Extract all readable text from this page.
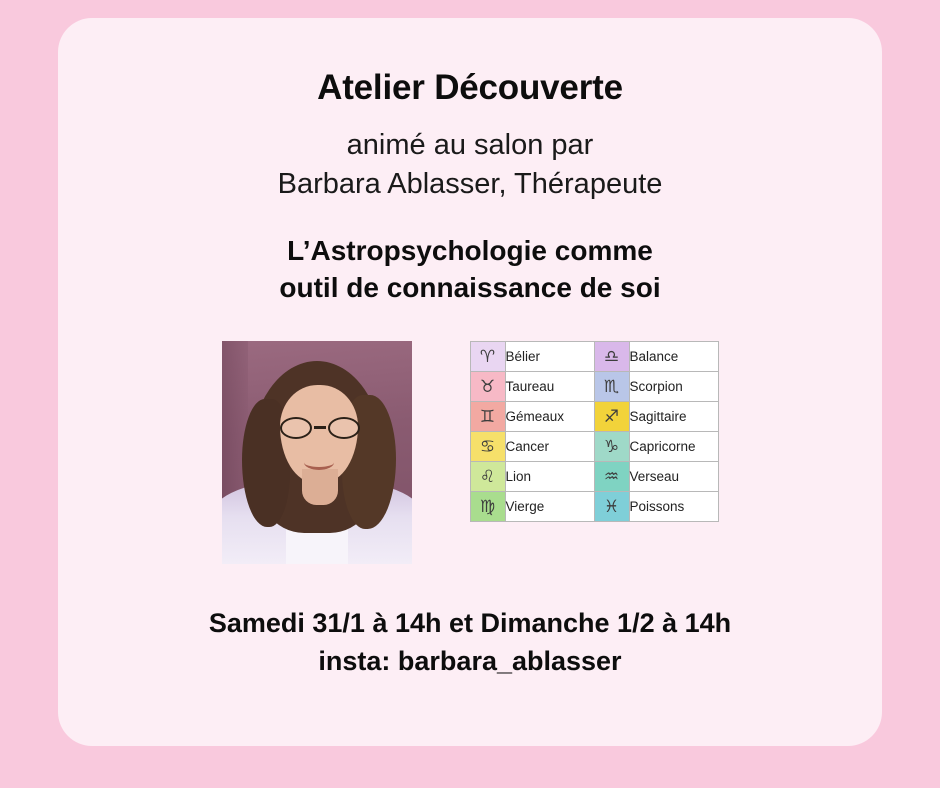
Atelier Découverte
animé au salon par
Barbara Ablasser, Thérapeute
L’Astropsychologie comme
outil de connaissance de soi
♈	Bélier	♎	Balance
♉	Taureau	♏	Scorpion
♊	Gémeaux	♐	Sagittaire
♋	Cancer	♑	Capricorne
♌	Lion	♒	Verseau
♍	Vierge	♓	Poissons
Samedi 31/1 à 14h et Dimanche 1/2 à 14h
insta: barbara_ablasser
